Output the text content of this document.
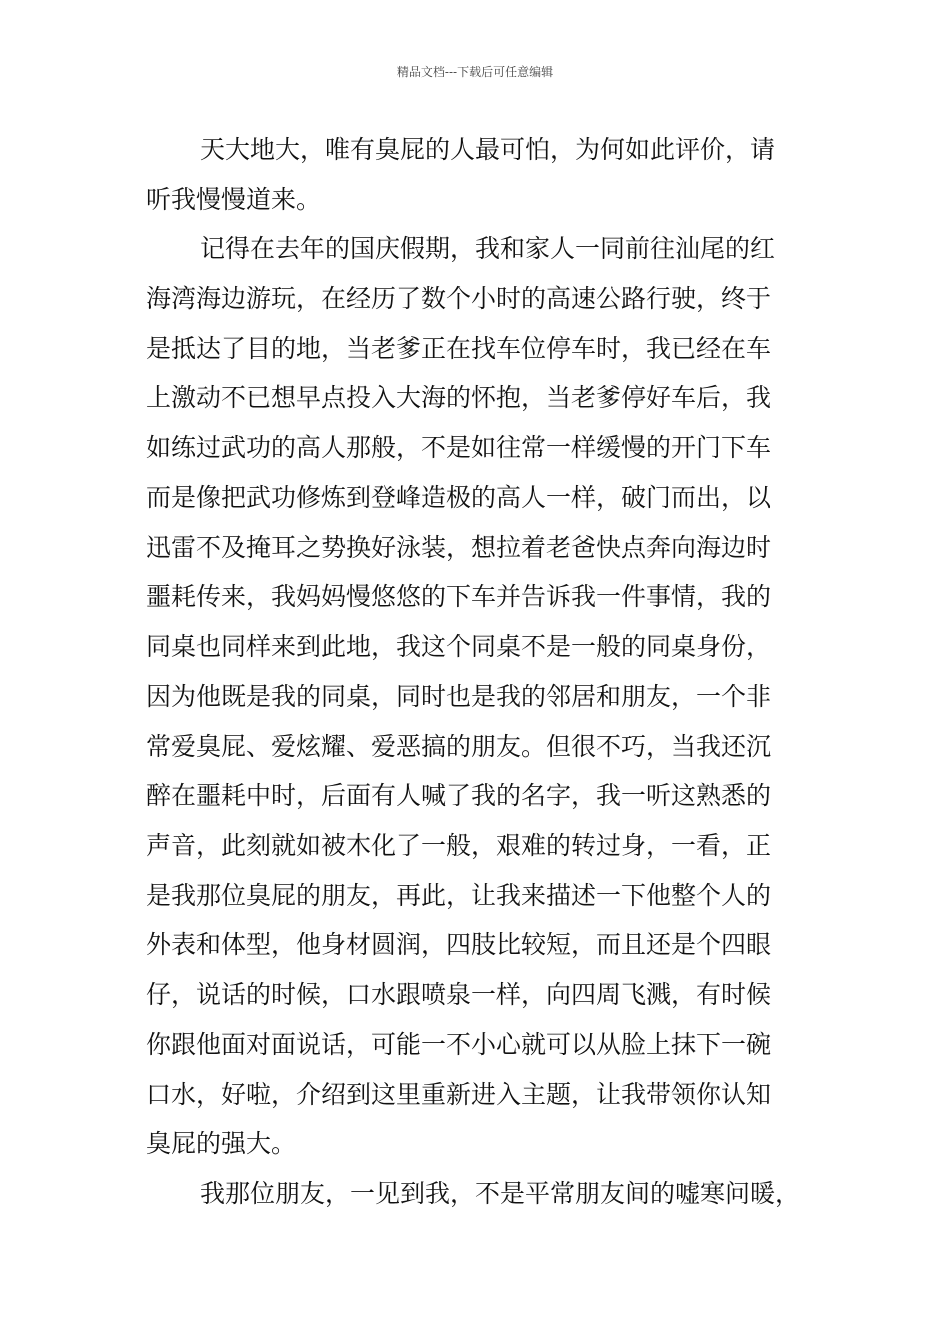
精品文档---下载后可任意编辑
天大地大，唯有臭屁的人最可怕，为何如此评价，请
听我慢慢道来。
记得在去年的国庆假期，我和家人一同前往汕尾的红
海湾海边游玩，在经历了数个小时的高速公路行驶，终于
是抵达了目的地，当老爹正在找车位停车时，我已经在车
上激动不已想早点投入大海的怀抱，当老爹停好车后，我
如练过武功的高人那般，不是如往常一样缓慢的开门下车
而是像把武功修炼到登峰造极的高人一样，破门而出，以
迅雷不及掩耳之势换好泳装，想拉着老爸快点奔向海边时
噩耗传来，我妈妈慢悠悠的下车并告诉我一件事情，我的
同桌也同样来到此地，我这个同桌不是一般的同桌身份，
因为他既是我的同桌，同时也是我的邻居和朋友，一个非
常爱臭屁、爱炫耀、爱恶搞的朋友。但很不巧，当我还沉
醉在噩耗中时，后面有人喊了我的名字，我一听这熟悉的
声音，此刻就如被木化了一般，艰难的转过身，一看，正
是我那位臭屁的朋友，再此，让我来描述一下他整个人的
外表和体型，他身材圆润，四肢比较短，而且还是个四眼
仔，说话的时候，口水跟喷泉一样，向四周飞溅，有时候
你跟他面对面说话，可能一不小心就可以从脸上抹下一碗
口水，好啦，介绍到这里重新进入主题，让我带领你认知
臭屁的强大。
我那位朋友，一见到我，不是平常朋友间的嘘寒问暖，
